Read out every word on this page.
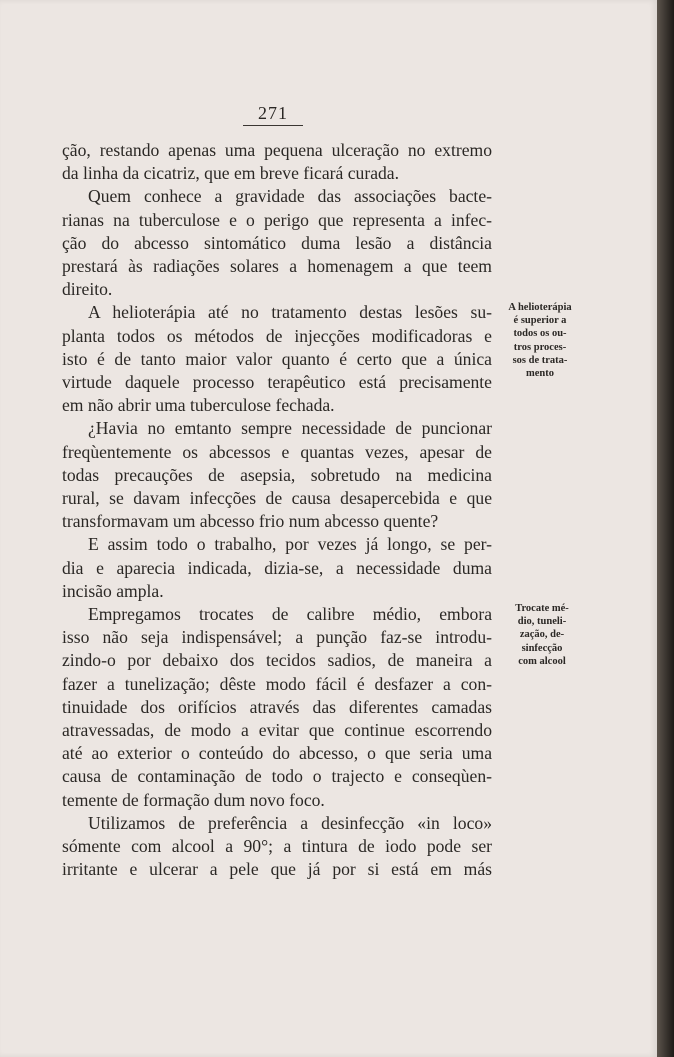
271
ção, restando apenas uma pequena ulceração no extremo
da linha da cicatriz, que em breve ficará curada.
Quem conhece a gravidade das associações bacte-
rianas na tuberculose e o perigo que representa a infec-
ção do abcesso sintomático duma lesão a distância
prestará às radiações solares a homenagem a que teem
direito.
A helioterápia até no tratamento destas lesões su-
planta todos os métodos de injecções modificadoras e
isto é de tanto maior valor quanto é certo que a única
virtude daquele processo terapêutico está precisamente
em não abrir uma tuberculose fechada.
¿Havia no emtanto sempre necessidade de puncionar
freqùentemente os abcessos e quantas vezes, apesar de
todas precauções de asepsia, sobretudo na medicina
rural, se davam infecções de causa desapercebida e que
transformavam um abcesso frio num abcesso quente?
E assim todo o trabalho, por vezes já longo, se per-
dia e aparecia indicada, dizia-se, a necessidade duma
incisão ampla.
Empregamos trocates de calibre médio, embora
isso não seja indispensável; a punção faz-se introdu-
zindo-o por debaixo dos tecidos sadios, de maneira a
fazer a tunelização; dêste modo fácil é desfazer a con-
tinuidade dos orifícios através das diferentes camadas
atravessadas, de modo a evitar que continue escorrendo
até ao exterior o conteúdo do abcesso, o que seria uma
causa de contaminação de todo o trajecto e conseqùen-
temente de formação dum novo foco.
Utilizamos de preferência a desinfecção «in loco»
sómente com alcool a 90°; a tintura de iodo pode ser
irritante e ulcerar a pele que já por si está em más
A helioterápia
é superior a
todos os ou-
tros proces-
sos de trata-
mento
Trocate mé-
dio, tuneli-
zação, de-
sinfecção
com alcool
